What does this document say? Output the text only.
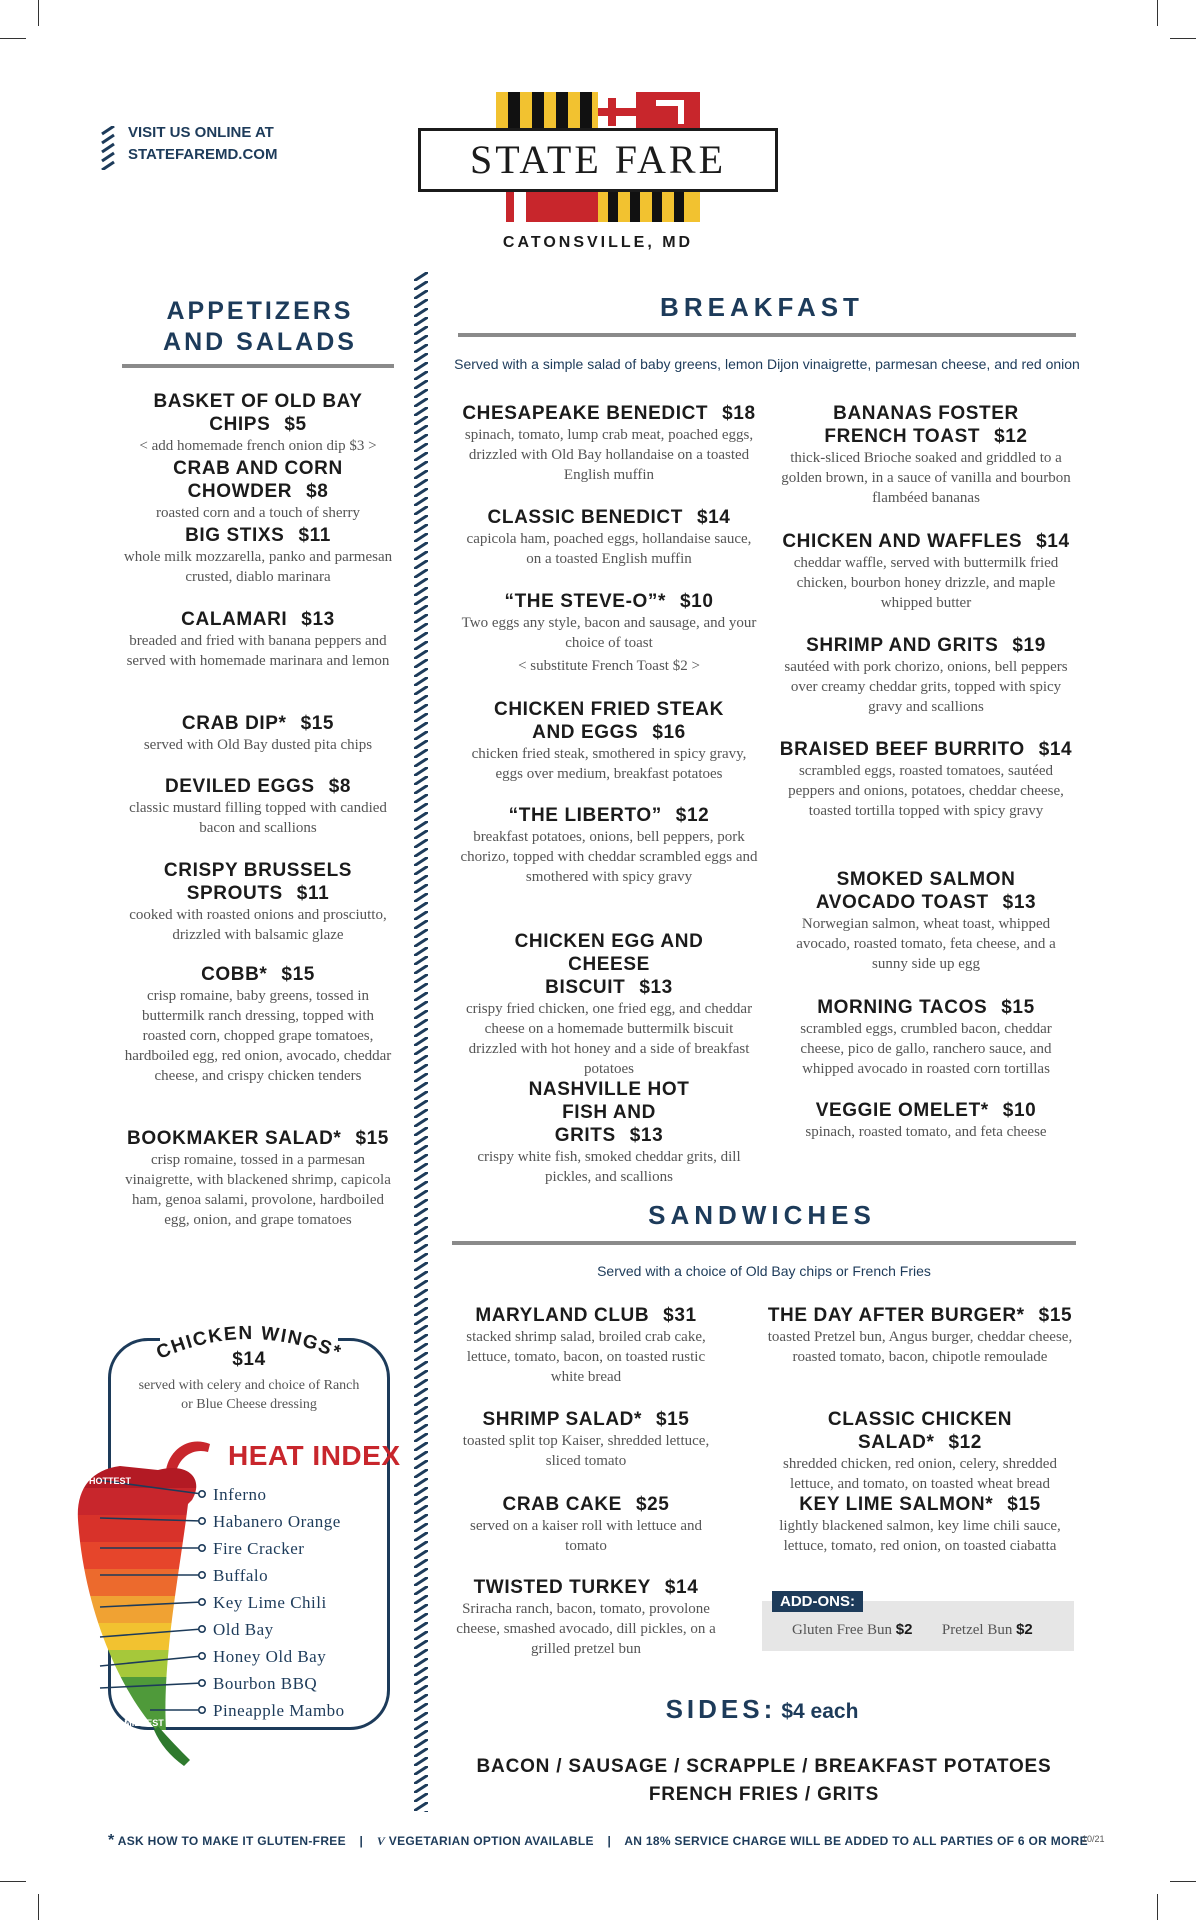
VISIT US ONLINE AT
STATEFAREMD.COM	STATE FARE
CATONSVILLE, MD
APPETIZERS AND SALADS
BASKET OF OLD BAY CHIPS $5
< add homemade french onion dip $3 >
CRAB AND CORN CHOWDER $8
roasted corn and a touch of sherry
BIG STIXS $11
whole milk mozzarella, panko and parmesan crusted, diablo marinara
CALAMARI $13
breaded and fried with banana peppers and served with homemade marinara and lemon
CRAB DIP* $15
served with Old Bay dusted pita chips
DEVILED EGGS $8
classic mustard filling topped with candied bacon and scallions
CRISPY BRUSSELS SPROUTS $11
cooked with roasted onions and prosciutto, drizzled with balsamic glaze
COBB* $15
crisp romaine, baby greens, tossed in buttermilk ranch dressing, topped with roasted corn, chopped grape tomatoes, hardboiled egg, red onion, avocado, cheddar cheese, and crispy chicken tenders
BOOKMAKER SALAD* $15
crisp romaine, tossed in a parmesan vinaigrette, with blackened shrimp, capicola ham, genoa salami, provolone, hardboiled egg, onion, and grape tomatoes
CHICKEN WINGS*
$14
served with celery and choice of Ranch or Blue Cheese dressing
HEAT INDEX
HOTTEST
MILDEST
Inferno
Habanero Orange
Fire Cracker
Buffalo
Key Lime Chili
Old Bay
Honey Old Bay
Bourbon BBQ
Pineapple Mambo
BREAKFAST
Served with a simple salad of baby greens, lemon Dijon vinaigrette, parmesan cheese, and red onion
CHESAPEAKE BENEDICT $18
spinach, tomato, lump crab meat, poached eggs, drizzled with Old Bay hollandaise on a toasted English muffin
CLASSIC BENEDICT $14
capicola ham, poached eggs, hollandaise sauce, on a toasted English muffin
“THE STEVE-O”* $10
Two eggs any style, bacon and sausage, and your choice of toast
< substitute French Toast $2 >
CHICKEN FRIED STEAK AND EGGS $16
chicken fried steak, smothered in spicy gravy, eggs over medium, breakfast potatoes
“THE LIBERTO” $12
breakfast potatoes, onions, bell peppers, pork chorizo, topped with cheddar scrambled eggs and smothered with spicy gravy
CHICKEN EGG AND CHEESE BISCUIT $13
crispy fried chicken, one fried egg, and cheddar cheese on a homemade buttermilk biscuit drizzled with hot honey and a side of breakfast potatoes
NASHVILLE HOT FISH AND GRITS $13
crispy white fish, smoked cheddar grits, dill pickles, and scallions
BANANAS FOSTER FRENCH TOAST $12
thick-sliced Brioche soaked and griddled to a golden brown, in a sauce of vanilla and bourbon flambéed bananas
CHICKEN AND WAFFLES $14
cheddar waffle, served with buttermilk fried chicken, bourbon honey drizzle, and maple whipped butter
SHRIMP AND GRITS $19
sautéed with pork chorizo, onions, bell peppers over creamy cheddar grits, topped with spicy gravy and scallions
BRAISED BEEF BURRITO $14
scrambled eggs, roasted tomatoes, sautéed peppers and onions, potatoes, cheddar cheese, toasted tortilla topped with spicy gravy
SMOKED SALMON AVOCADO TOAST $13
Norwegian salmon, wheat toast, whipped avocado, roasted tomato, feta cheese, and a sunny side up egg
MORNING TACOS $15
scrambled eggs, crumbled bacon, cheddar cheese, pico de gallo, ranchero sauce, and whipped avocado in roasted corn tortillas
VEGGIE OMELET* $10
spinach, roasted tomato, and feta cheese
SANDWICHES
Served with a choice of Old Bay chips or French Fries
MARYLAND CLUB $31
stacked shrimp salad, broiled crab cake, lettuce, tomato, bacon, on toasted rustic white bread
SHRIMP SALAD* $15
toasted split top Kaiser, shredded lettuce, sliced tomato
CRAB CAKE $25
served on a kaiser roll with lettuce and tomato
TWISTED TURKEY $14
Sriracha ranch, bacon, tomato, provolone cheese, smashed avocado, dill pickles, on a grilled pretzel bun
THE DAY AFTER BURGER* $15
toasted Pretzel bun, Angus burger, cheddar cheese, roasted tomato, bacon, chipotle remoulade
CLASSIC CHICKEN SALAD* $12
shredded chicken, red onion, celery, shredded lettuce, and tomato, on toasted wheat bread
KEY LIME SALMON* $15
lightly blackened salmon, key lime chili sauce, lettuce, tomato, red onion, on toasted ciabatta
ADD-ONS:
Gluten Free Bun $2 Pretzel Bun $2
SIDES: $4 each
BACON / SAUSAGE / SCRAPPLE / BREAKFAST POTATOES
FRENCH FRIES / GRITS
* ASK HOW TO MAKE IT GLUTEN-FREE | V VEGETARIAN OPTION AVAILABLE | AN 18% SERVICE CHARGE WILL BE ADDED TO ALL PARTIES OF 6 OR MORE
10/21
